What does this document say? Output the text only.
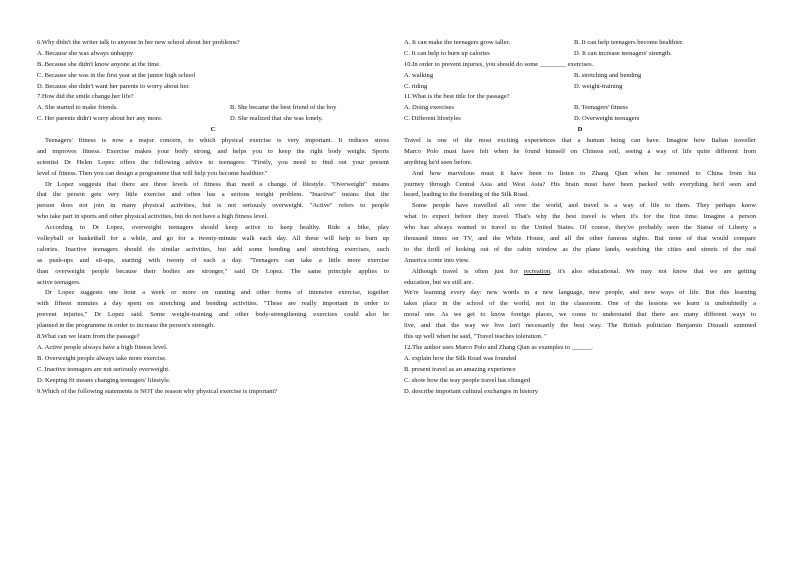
6.Why didn't the writer talk to anyone in her new school about her problems?
A. Because she was always unhappy
B. Because she didn't know anyone at the time.
C. Because she was in the first year at the junior high school
D. Because she didn't want her parents to worry about her.
7.How did the smile change her life?
A. She started to make friends.	B. She became the best friend of the boy
C. Her parents didn't worry about her any more.	D. She realized that she was lonely.
C
Teenagers' fitness is now a major concern, to which physical exercise is very important. It reduces stress
and improves fitness. Exercise makes your body strong, and helps you to keep the right body weight. Sports
scientist Dr Helen Lopez offers the following advice to teenagers: "Firstly, you need to find out your present
level of fitness. Then you can design a programme that will help you become healthier."
Dr Lopez suggests that there are three levels of fitness that need a change of lifestyle. "Overweight" means
that the person gets very little exercise and often has a serious weight problem. "Inactive" means that the
person does not join in many physical activities, but is not seriously overweight. "Active" refers to people
who take part in sports and other physical activities, but do not have a high fitness level.
According to Dr Lopez, overweight teenagers should keep active to keep healthy. Ride a bike, play
volleyball or basketball for a while, and go for a twenty-minute walk each day. All these will help to burn up
calories. Inactive teenagers should do similar activities, but add some bending and stretching exercises, such
as push-ups and sit-ups, starting with twenty of each a day. "Teenagers can take a little more exercise
than overweight people because their bodies are stronger," said Dr Lopez. The same principle applies to
active teenagers.
Dr Lopez suggests one hour a week or more on running and other forms of intensive exercise, together
with fifteen minutes a day spent on stretching and bending activities. "These are really important in order to
prevent injuries," Dr Lopez said. Some weight-training and other body-strengthening exercises could also be
planned in the programme in order to increase the person's strength.
8.What can we learn from the passage?
A. Active people always have a high fitness level.
B. Overweight people always take more exercise.
C. Inactive teenagers are not seriously overweight.
D. Keeping fit means changing teenagers' lifestyle.
9.Which of the following statements is NOT the reason why physical exercise is important?
A. It can make the teenagers grow taller.	B. It can help teenagers become healthier.
C. It can help to burn up calories	D. It can increase teenagers' strength.
10.In order to prevent injuries, you should do some ________ exercises.
A. walking	B. stretching and bending
C. riding	D. weight-training
11.What is the best title for the passage?
A. Doing exercises	B. Teenagers' fitness
C. Different lifestyles	D. Overweight teenagers
D
Travel is one of the most exciting experiences that a human being can have. Imagine how Italian traveller
Marco Polo must have felt when he found himself on Chinese soil, seeing a way of life quite different from
anything he'd seen before.
And how marvelous must it have been to listen to Zhang Qian when he returned to China from his
journey through Central Asia and West Asia? His brain must have been packed with everything he'd seen and
heard, leading to the founding of the Silk Road.
Some people have travelled all over the world, and travel is a way of life to them. They perhaps know
what to expect before they travel. That's why the best travel is when it's for the first time. Imagine a person
who has always wanted to travel to the United States. Of course, they've probably seen the Statue of Liberty a
thousand times on TV, and the White House, and all the other famous sights. But none of that would compare
to the thrill of looking out of the cabin window as the plane lands, watching the cities and streets of the real
America come into view.
Although travel is often just for recreation, it's also educational. We may not know that we are getting
education, but we still are.
We're learning every day: new words in a new language, new people, and new ways of life. But this learning
takes place in the school of the world, not in the classroom. One of the lessons we learn is undoubtedly a
moral one. As we get to know foreign places, we come to understand that there are many different ways to
live, and that the way we live isn't necessarily the best way. The British politician Benjamin Disraeli summed
this up well when he said, "Travel teaches toleration. "
12.The author uses Marco Polo and Zhang Qian as examples to ______.
A. explain how the Silk Road was founded
B. present travel as an amazing experience
C. show how the way people travel has changed
D. describe important cultural exchanges in history
